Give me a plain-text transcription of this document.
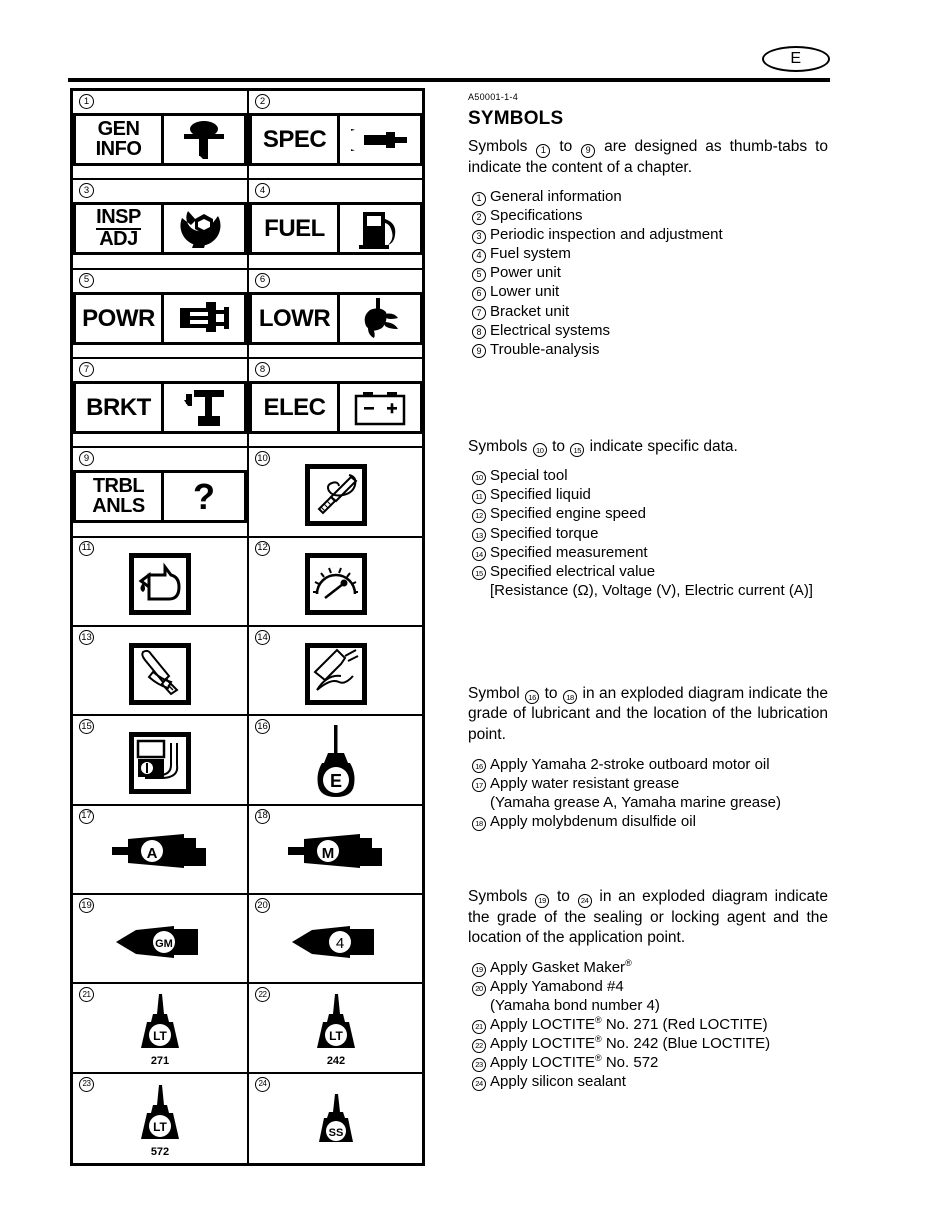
E
1
GEN
INFO
2
SPEC
3
INSP
ADJ
4
FUEL
5
POWR
6
LOWR
7
BRKT
8
ELEC
9
TRBL
ANLS ?
10
11	12
13	14
15	16
E
17
A
18
M
19
GM
20
4
21
LT
271
22
LT
242
23
LT
572
24
SS
A50001-1-4
SYMBOLS

Symbols 1 to 9 are designed as thumb-tabs to indicate the content of a chapter.

1 General information
2 Specifications
3 Periodic inspection and adjustment
4 Fuel system
5 Power unit
6 Lower unit
7 Bracket unit
8 Electrical systems
9 Trouble-analysis

Symbols 10 to 15 indicate specific data.

10 Special tool
11 Specified liquid
12 Specified engine speed
13 Specified torque
14 Specified measurement
15 Specified electrical value
[Resistance (Ω), Voltage (V), Electric current (A)]

Symbol 16 to 18 in an exploded diagram indicate the grade of lubricant and the location of the lubrication point.

16 Apply Yamaha 2-stroke outboard motor oil
17 Apply water resistant grease
(Yamaha grease A, Yamaha marine grease)
18 Apply molybdenum disulfide oil

Symbols 19 to 24 in an exploded diagram indicate the grade of the sealing or locking agent and the location of the application point.

19 Apply Gasket Maker®
20 Apply Yamabond #4
(Yamaha bond number 4)
21 Apply LOCTITE® No. 271 (Red LOCTITE)
22 Apply LOCTITE® No. 242 (Blue LOCTITE)
23 Apply LOCTITE® No. 572
24 Apply silicon sealant
